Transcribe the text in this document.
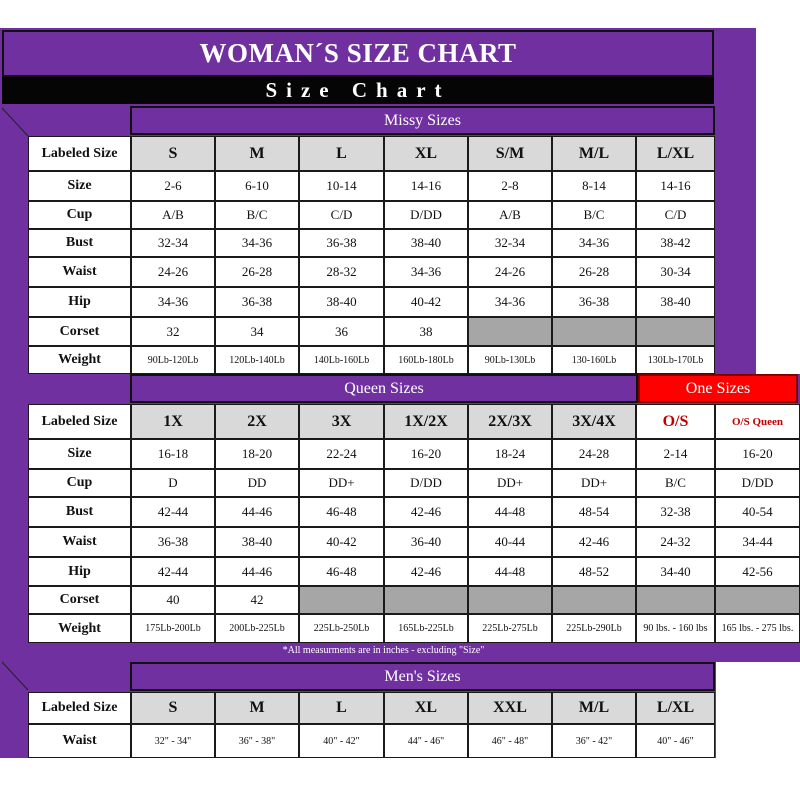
WOMAN´S SIZE CHART
Size Chart
Missy Sizes
Queen Sizes	One Sizes
Men's Sizes
Labeled Size	S	M	L	XL	S/M	M/L	L/XL
Size	2-6	6-10	10-14	14-16	2-8	8-14	14-16
Cup	A/B	B/C	C/D	D/DD	A/B	B/C	C/D
Bust	32-34	34-36	36-38	38-40	32-34	34-36	38-42
Waist	24-26	26-28	28-32	34-36	24-26	26-28	30-34
Hip	34-36	36-38	38-40	40-42	34-36	36-38	38-40
Corset	32	34	36	38
Weight	90Lb-120Lb	120Lb-140Lb	140Lb-160Lb	160Lb-180Lb	90Lb-130Lb	130-160Lb	130Lb-170Lb
Labeled Size	1X	2X	3X	1X/2X	2X/3X	3X/4X	O/S	O/S Queen
Size	16-18	18-20	22-24	16-20	18-24	24-28	2-14	16-20
Cup	D	DD	DD+	D/DD	DD+	DD+	B/C	D/DD
Bust	42-44	44-46	46-48	42-46	44-48	48-54	32-38	40-54
Waist	36-38	38-40	40-42	36-40	40-44	42-46	24-32	34-44
Hip	42-44	44-46	46-48	42-46	44-48	48-52	34-40	42-56
Corset	40	42
Weight	175Lb-200Lb	200Lb-225Lb	225Lb-250Lb	165Lb-225Lb	225Lb-275Lb	225Lb-290Lb	90 lbs. - 160 lbs	165 lbs. - 275 lbs.
Labeled Size	S	M	L	XL	XXL	M/L	L/XL
Waist	32" - 34"	36" - 38"	40" - 42"	44" - 46"	46" - 48"	36" - 42"	40" - 46"
*All measurments are in inches - excluding "Size"
